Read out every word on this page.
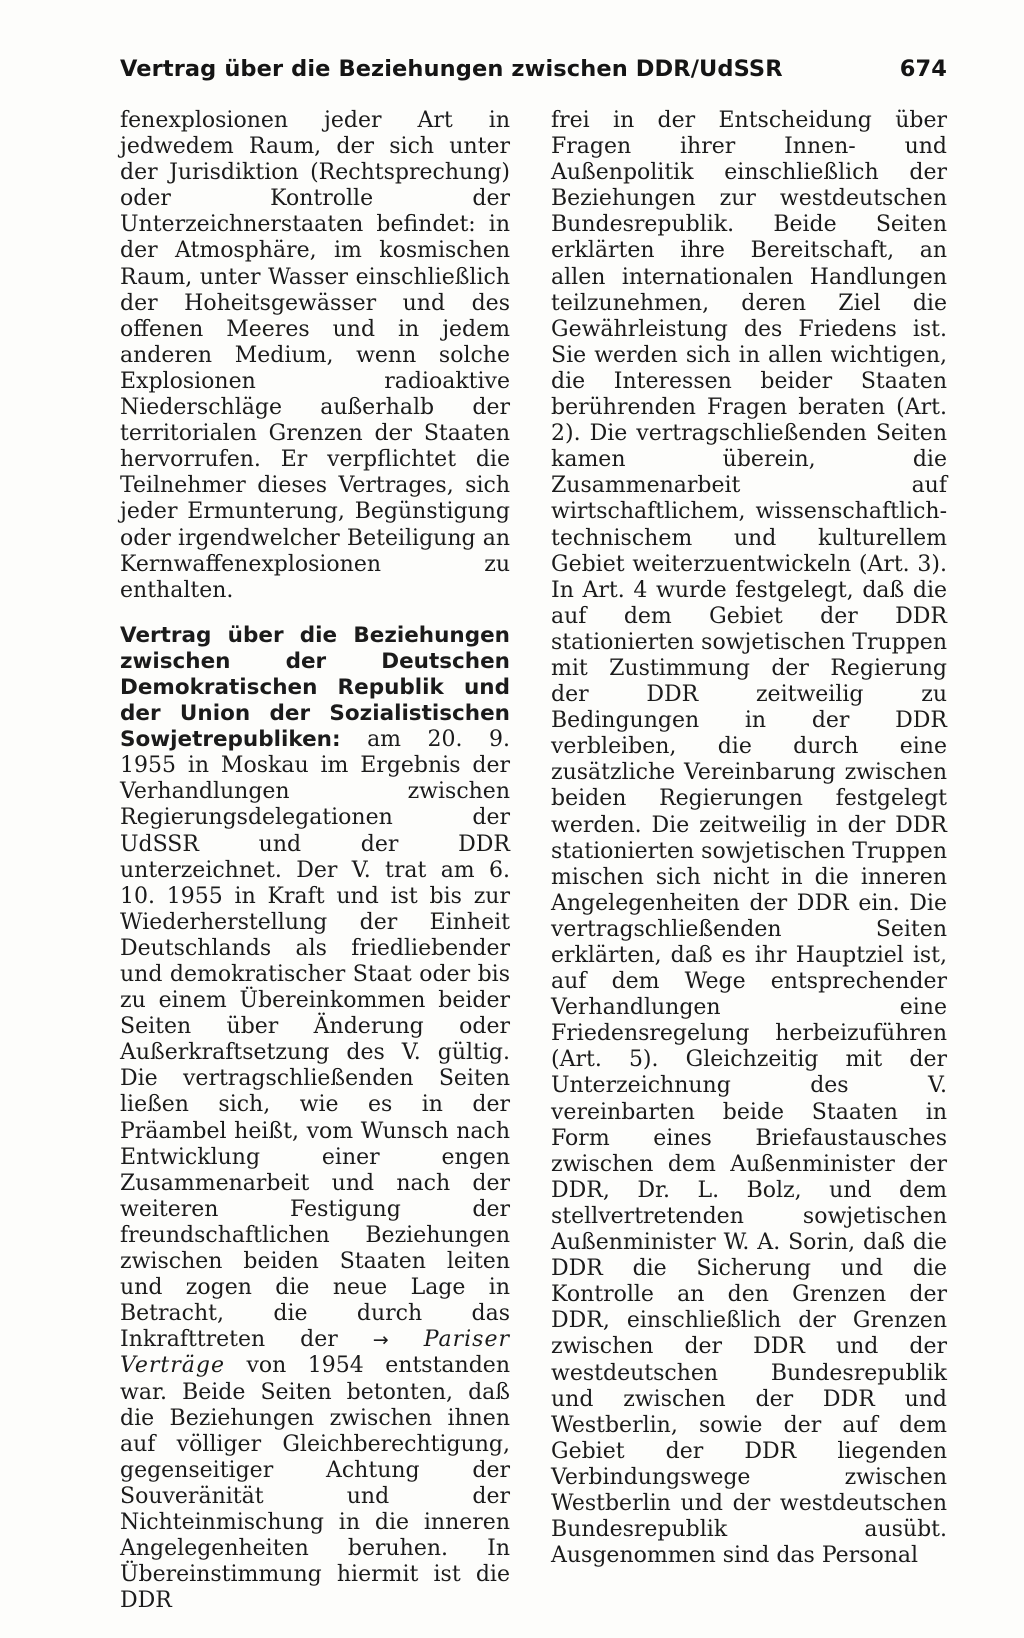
Vertrag über die Beziehungen zwischen DDR/UdSSR	674

fenexplosionen jeder Art in jedwedem Raum, der sich unter der Jurisdiktion (Rechtsprechung) oder Kontrolle der Unterzeichnerstaaten befindet: in der Atmosphäre, im kosmischen Raum, unter Wasser einschließlich der Hoheitsgewässer und des offenen Meeres und in jedem anderen Medium, wenn solche Explosionen radioaktive Niederschläge außerhalb der territorialen Grenzen der Staaten hervorrufen. Er verpflichtet die Teilnehmer dieses Vertrages, sich jeder Ermunterung, Begünstigung oder irgendwelcher Beteiligung an Kernwaffenexplosionen zu enthalten.

Vertrag über die Beziehungen zwischen der Deutschen Demokratischen Republik und der Union der Sozialistischen Sowjetrepubliken: am 20. 9. 1955 in Moskau im Ergebnis der Verhandlungen zwischen Regierungsdelegationen der UdSSR und der DDR unterzeichnet. Der V. trat am 6. 10. 1955 in Kraft und ist bis zur Wiederherstellung der Einheit Deutschlands als friedliebender und demokratischer Staat oder bis zu einem Übereinkommen beider Seiten über Änderung oder Außerkraftsetzung des V. gültig. Die vertragschließenden Seiten ließen sich, wie es in der Präambel heißt, vom Wunsch nach Entwicklung einer engen Zusammenarbeit und nach der weiteren Festigung der freundschaftlichen Beziehungen zwischen beiden Staaten leiten und zogen die neue Lage in Betracht, die durch das Inkrafttreten der → Pariser Verträge von 1954 entstanden war. Beide Seiten betonten, daß die Beziehungen zwischen ihnen auf völliger Gleichberechtigung, gegenseitiger Achtung der Souveränität und der Nichteinmischung in die inneren Angelegenheiten beruhen. In Übereinstimmung hiermit ist die DDR

frei in der Entscheidung über Fragen ihrer Innen- und Außenpolitik einschließlich der Beziehungen zur westdeutschen Bundesrepublik. Beide Seiten erklärten ihre Bereitschaft, an allen internationalen Handlungen teilzunehmen, deren Ziel die Gewährleistung des Friedens ist. Sie werden sich in allen wichtigen, die Interessen beider Staaten berührenden Fragen beraten (Art. 2). Die vertragschließenden Seiten kamen überein, die Zusammenarbeit auf wirtschaftlichem, wissenschaftlich-technischem und kulturellem Gebiet weiterzuentwickeln (Art. 3). In Art. 4 wurde festgelegt, daß die auf dem Gebiet der DDR stationierten sowjetischen Truppen mit Zustimmung der Regierung der DDR zeitweilig zu Bedingungen in der DDR verbleiben, die durch eine zusätzliche Vereinbarung zwischen beiden Regierungen festgelegt werden. Die zeitweilig in der DDR stationierten sowjetischen Truppen mischen sich nicht in die inneren Angelegenheiten der DDR ein. Die vertragschließenden Seiten erklärten, daß es ihr Hauptziel ist, auf dem Wege entsprechender Verhandlungen eine Friedensregelung herbeizuführen (Art. 5). Gleichzeitig mit der Unterzeichnung des V. vereinbarten beide Staaten in Form eines Briefaustausches zwischen dem Außenminister der DDR, Dr. L. Bolz, und dem stellvertretenden sowjetischen Außenminister W. A. Sorin, daß die DDR die Sicherung und die Kontrolle an den Grenzen der DDR, einschließlich der Grenzen zwischen der DDR und der westdeutschen Bundesrepublik und zwischen der DDR und Westberlin, sowie der auf dem Gebiet der DDR liegenden Verbindungswege zwischen Westberlin und der westdeutschen Bundesrepublik ausübt. Ausgenommen sind das Personal
